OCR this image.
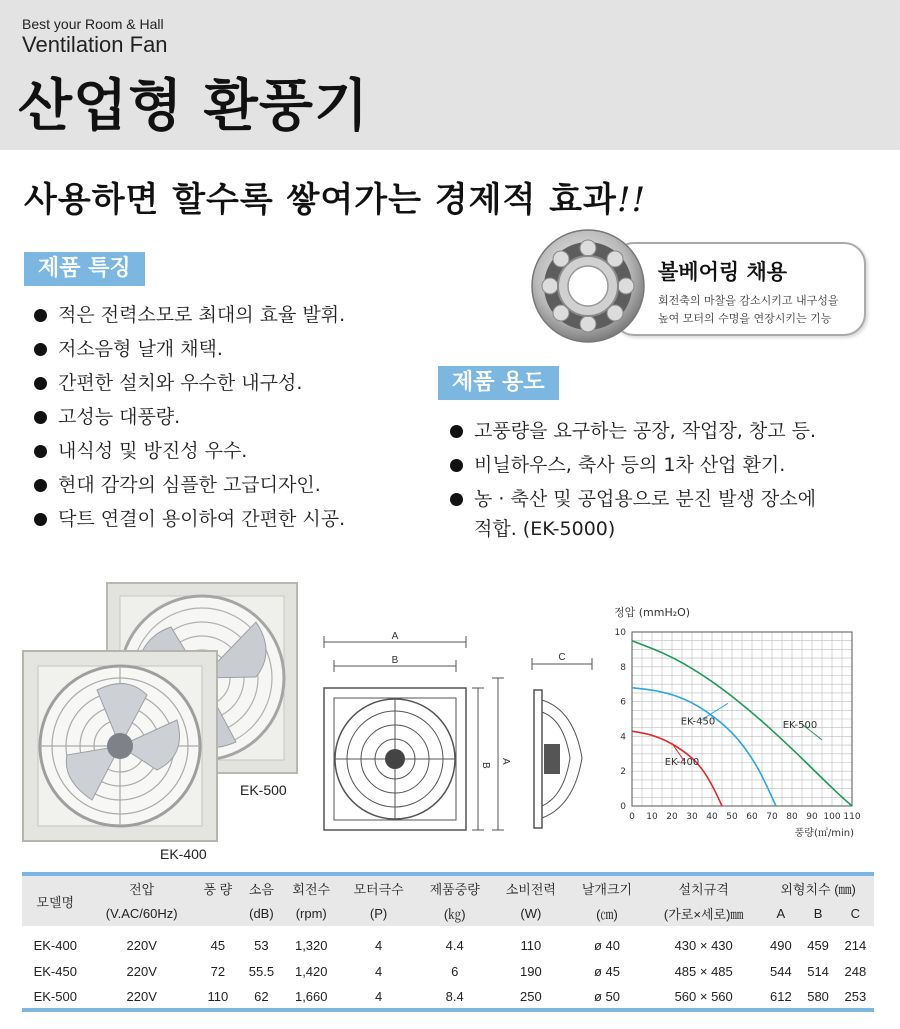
Best your Room & Hall
Ventilation Fan
산업형 환풍기
사용하면 할수록 쌓여가는 경제적 효과!!
제품 특징
적은 전력소모로 최대의 효율 발휘.
저소음형 날개 채택.
간편한 설치와 우수한 내구성.
고성능 대풍량.
내식성 및 방진성 우수.
현대 감각의 심플한 고급디자인.
닥트 연결이 용이하여 간편한 시공.
볼베어링 채용
회전축의 마찰을 감소시키고 내구성을
높여 모터의 수명을 연장시키는 기능
제품 용도
고풍량을 요구하는 공장, 작업장, 창고 등.
비닐하우스, 축사 등의 1차 산업 환기.
농 · 축산 및 공업용으로 분진 발생 장소에
적합. (EK-5000)
EK-500
EK-400
A
B
B
A
C
정압 (mmH₂O)
0 10 20 30 40 50 60 70 80 90 100 110
0
2
4
6
8
10
EK-400
EK-450	EK-500
풍량(㎥/min)
모델명	전압	풍 량	소음	회전수	모터극수	제품중량	소비전력	날개크기	설치규격	외형치수 (㎜)		
	(V.AC/60Hz)		(dB)	(rpm)	(P)	(㎏)	(W)	(㎝)	(가로×세로)㎜	A	B	C
EK-400	220V	45	53	1,320	4	4.4	110	ø 40	430 × 430	490	459	214
EK-450	220V	72	55.5	1,420	4	6	190	ø 45	485 × 485	544	514	248
EK-500	220V	110	62	1,660	4	8.4	250	ø 50	560 × 560	612	580	253
